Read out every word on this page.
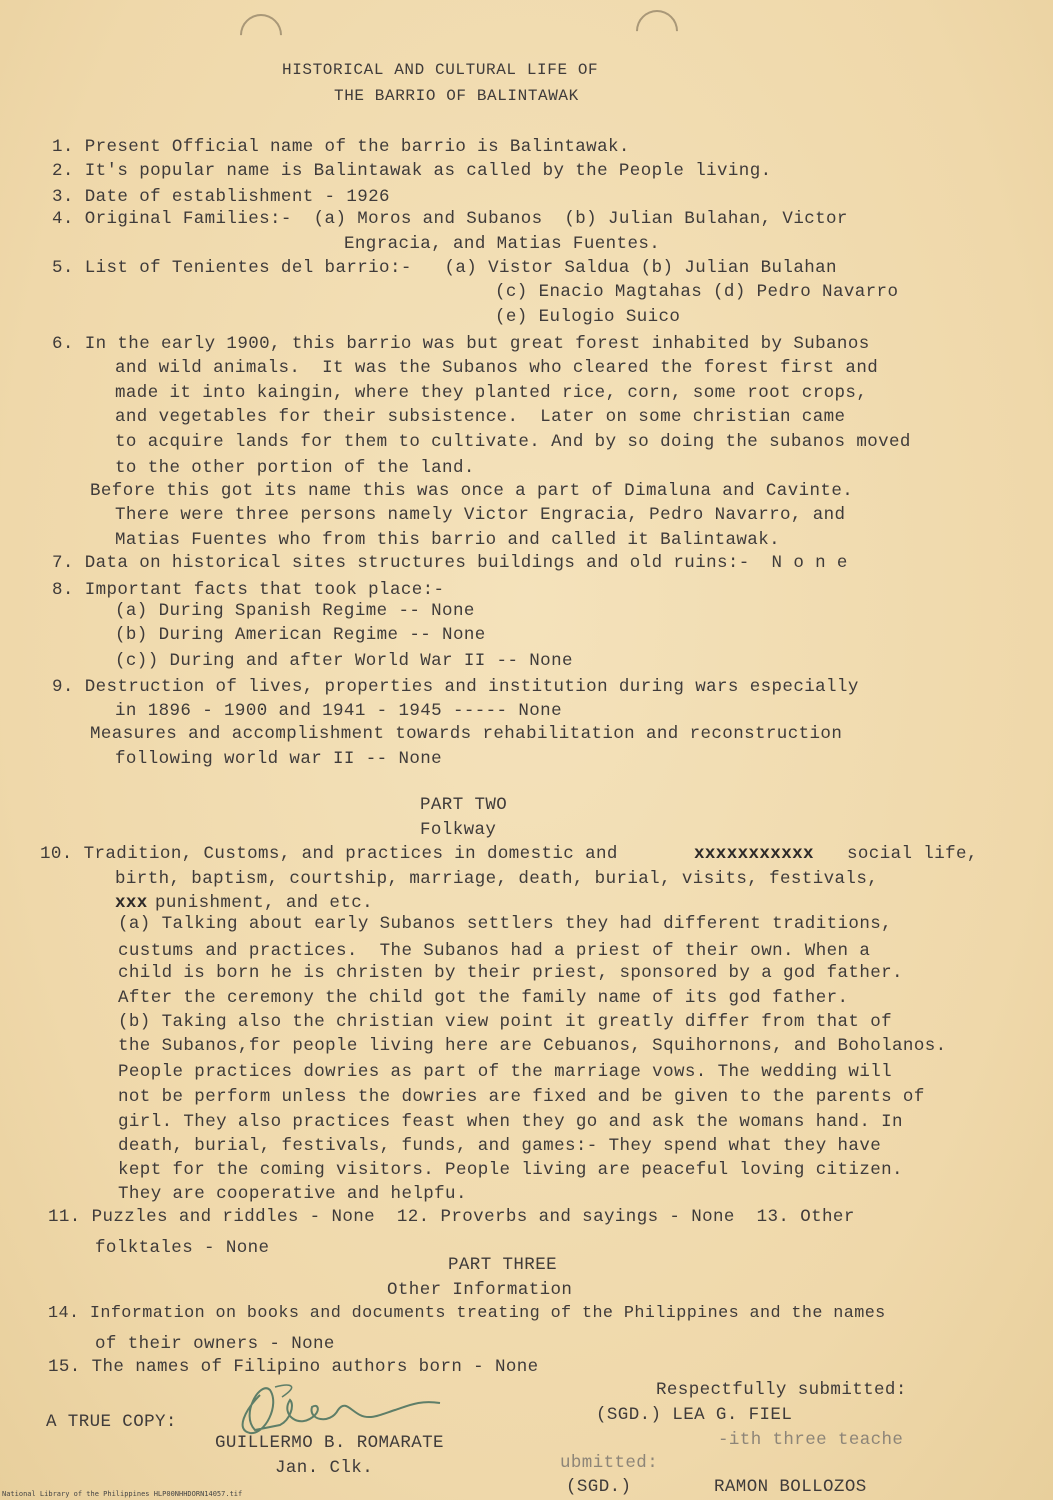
HISTORICAL AND CULTURAL LIFE OF
THE BARRIO OF BALINTAWAK
1. Present Official name of the barrio is Balintawak.
2. It's popular name is Balintawak as called by the People living.
3. Date of establishment - 1926
4. Original Families:-  (a) Moros and Subanos  (b) Julian Bulahan, Victor
Engracia, and Matias Fuentes.
5. List of Tenientes del barrio:-   (a) Vistor Saldua (b) Julian Bulahan
(c) Enacio Magtahas (d) Pedro Navarro
(e) Eulogio Suico
6. In the early 1900, this barrio was but great forest inhabited by Subanos
and wild animals.  It was the Subanos who cleared the forest first and
made it into kaingin, where they planted rice, corn, some root crops,
and vegetables for their subsistence.  Later on some christian came
to acquire lands for them to cultivate. And by so doing the subanos moved
to the other portion of the land.
Before this got its name this was once a part of Dimaluna and Cavinte.
There were three persons namely Victor Engracia, Pedro Navarro, and
Matias Fuentes who from this barrio and called it Balintawak.
7. Data on historical sites structures buildings and old ruins:-  N o n e
8. Important facts that took place:-
(a) During Spanish Regime -- None
(b) During American Regime -- None
(c)) During and after World War II -- None
9. Destruction of lives, properties and institution during wars especially
in 1896 - 1900 and 1941 - 1945 ----- None
Measures and accomplishment towards rehabilitation and reconstruction
following world war II -- None
PART TWO
Folkway
10. Tradition, Customs, and practices in domestic and	xxxxxxxxxxx social life,
birth, baptism, courtship, marriage, death, burial, visits, festivals,
xxx punishment, and etc.
(a) Talking about early Subanos settlers they had different traditions,
custums and practices.  The Subanos had a priest of their own. When a
child is born he is christen by their priest, sponsored by a god father.
After the ceremony the child got the family name of its god father.
(b) Taking also the christian view point it greatly differ from that of
the Subanos,for people living here are Cebuanos, Squihornons, and Boholanos.
People practices dowries as part of the marriage vows. The wedding will
not be perform unless the dowries are fixed and be given to the parents of
girl. They also practices feast when they go and ask the womans hand. In
death, burial, festivals, funds, and games:- They spend what they have
kept for the coming visitors. People living are peaceful loving citizen.
They are cooperative and helpfu.
11. Puzzles and riddles - None  12. Proverbs and sayings - None  13. Other
folktales - None
PART THREE
Other Information
14. Information on books and documents treating of the Philippines and the names
of their owners - None
15. The names of Filipino authors born - None
Respectfully submitted:
(SGD.) LEA G. FIEL
-ith three teache
A TRUE COPY:
GUILLERMO B. ROMARATE
Jan. Clk.	ubmitted:
(SGD.)	RAMON BOLLOZOS
National Library of the Philippines HLP00NHHDORN14057.tif
